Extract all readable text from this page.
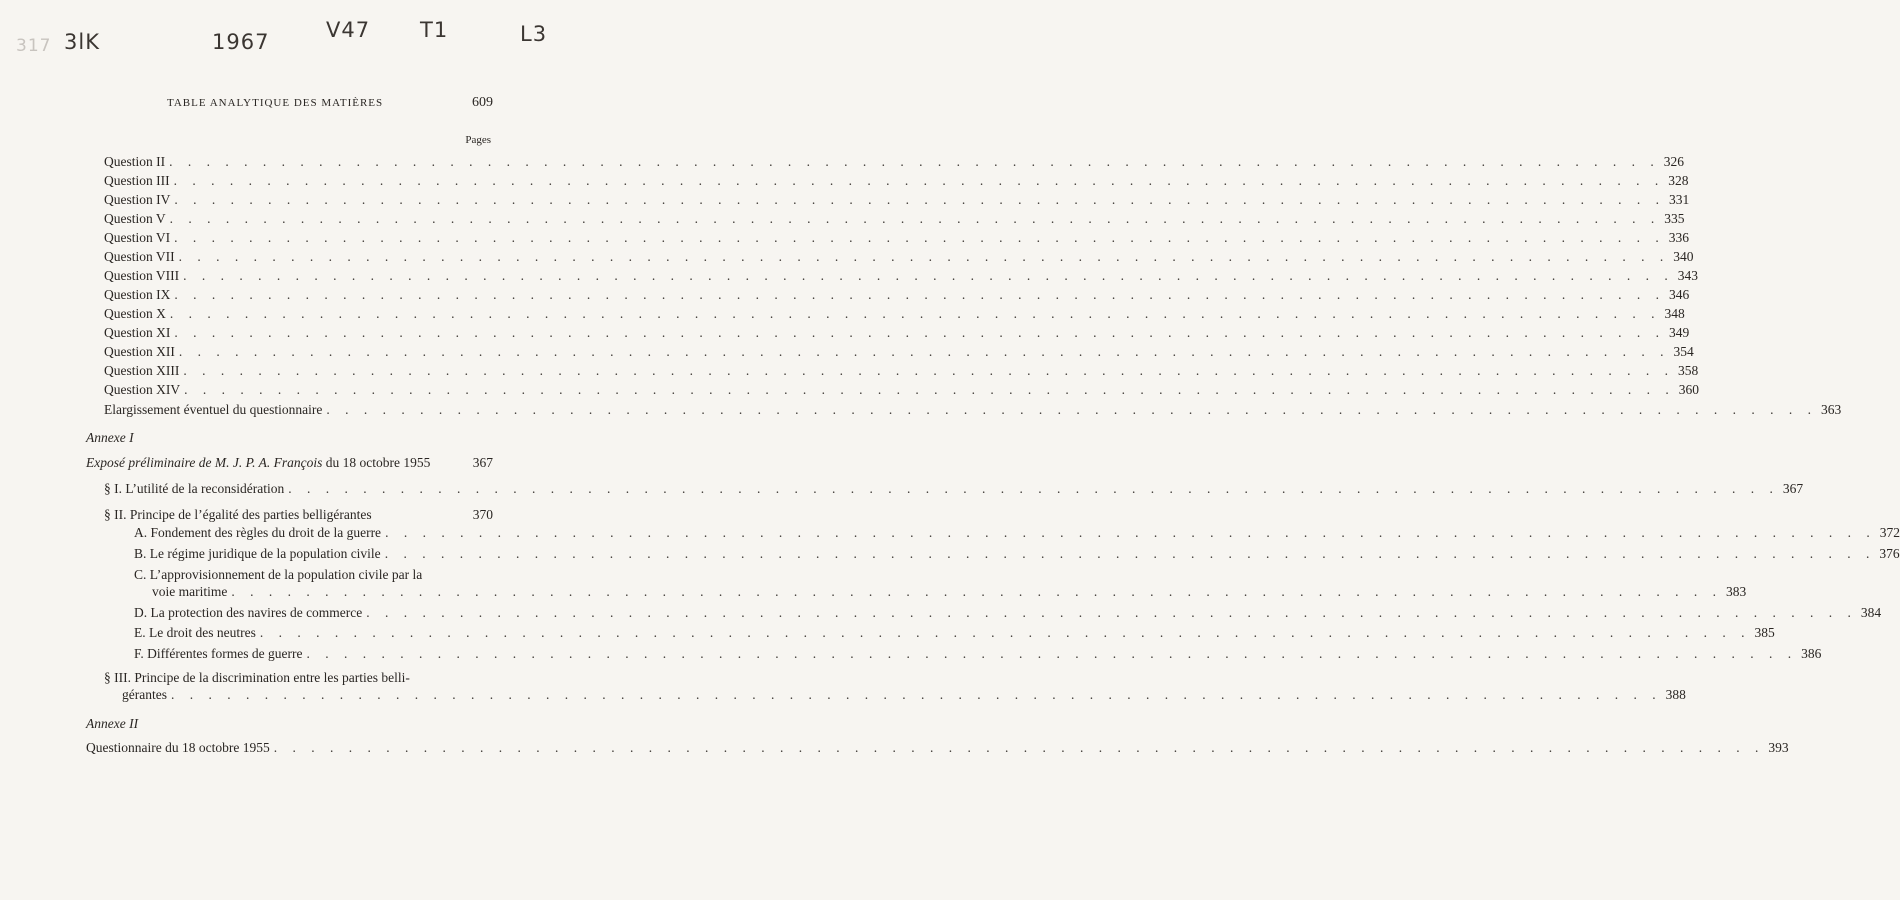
317 3lK	1967	V47 T1	L3
TABLE ANALYTIQUE DES MATIÈRES	609
Pages
Question II . . . . . . . . . . . . . . . . . . . . . . . . . . . . . . . . . . . . . . . . . . . . . . . . . . . . . . . . . . . . . . . . . . . . . . . . . . . . . . . . 326
Question III . . . . . . . . . . . . . . . . . . . . . . . . . . . . . . . . . . . . . . . . . . . . . . . . . . . . . . . . . . . . . . . . . . . . . . . . . . . . . . . . 328
Question IV . . . . . . . . . . . . . . . . . . . . . . . . . . . . . . . . . . . . . . . . . . . . . . . . . . . . . . . . . . . . . . . . . . . . . . . . . . . . . . . . 331
Question V . . . . . . . . . . . . . . . . . . . . . . . . . . . . . . . . . . . . . . . . . . . . . . . . . . . . . . . . . . . . . . . . . . . . . . . . . . . . . . . . 335
Question VI . . . . . . . . . . . . . . . . . . . . . . . . . . . . . . . . . . . . . . . . . . . . . . . . . . . . . . . . . . . . . . . . . . . . . . . . . . . . . . . . 336
Question VII . . . . . . . . . . . . . . . . . . . . . . . . . . . . . . . . . . . . . . . . . . . . . . . . . . . . . . . . . . . . . . . . . . . . . . . . . . . . . . . . 340
Question VIII . . . . . . . . . . . . . . . . . . . . . . . . . . . . . . . . . . . . . . . . . . . . . . . . . . . . . . . . . . . . . . . . . . . . . . . . . . . . . . . . 343
Question IX . . . . . . . . . . . . . . . . . . . . . . . . . . . . . . . . . . . . . . . . . . . . . . . . . . . . . . . . . . . . . . . . . . . . . . . . . . . . . . . . 346
Question X . . . . . . . . . . . . . . . . . . . . . . . . . . . . . . . . . . . . . . . . . . . . . . . . . . . . . . . . . . . . . . . . . . . . . . . . . . . . . . . . 348
Question XI . . . . . . . . . . . . . . . . . . . . . . . . . . . . . . . . . . . . . . . . . . . . . . . . . . . . . . . . . . . . . . . . . . . . . . . . . . . . . . . . 349
Question XII . . . . . . . . . . . . . . . . . . . . . . . . . . . . . . . . . . . . . . . . . . . . . . . . . . . . . . . . . . . . . . . . . . . . . . . . . . . . . . . . 354
Question XIII . . . . . . . . . . . . . . . . . . . . . . . . . . . . . . . . . . . . . . . . . . . . . . . . . . . . . . . . . . . . . . . . . . . . . . . . . . . . . . . . 358
Question XIV . . . . . . . . . . . . . . . . . . . . . . . . . . . . . . . . . . . . . . . . . . . . . . . . . . . . . . . . . . . . . . . . . . . . . . . . . . . . . . . . 360
Elargissement éventuel du questionnaire . . . . . . . . . . . . . . . . . . . . . . . . . . . . . . . . . . . . . . . . . . . . . . . . . . . . . . . . . . . . . . . . . . . . . . . . . . . . . . . . 363
Annexe I
Exposé préliminaire de M. J. P. A. François du 18 octobre 1955	367
§ I. L’utilité de la reconsidération . . . . . . . . . . . . . . . . . . . . . . . . . . . . . . . . . . . . . . . . . . . . . . . . . . . . . . . . . . . . . . . . . . . . . . . . . . . . . . . . 367
§ II. Principe de l’égalité des parties belligérantes	370
A. Fondement des règles du droit de la guerre . . . . . . . . . . . . . . . . . . . . . . . . . . . . . . . . . . . . . . . . . . . . . . . . . . . . . . . . . . . . . . . . . . . . . . . . . . . . . . . . 372
B. Le régime juridique de la population civile . . . . . . . . . . . . . . . . . . . . . . . . . . . . . . . . . . . . . . . . . . . . . . . . . . . . . . . . . . . . . . . . . . . . . . . . . . . . . . . . 376
C. L’approvisionnement de la population civile par la
voie maritime . . . . . . . . . . . . . . . . . . . . . . . . . . . . . . . . . . . . . . . . . . . . . . . . . . . . . . . . . . . . . . . . . . . . . . . . . . . . . . . . 383
D. La protection des navires de commerce . . . . . . . . . . . . . . . . . . . . . . . . . . . . . . . . . . . . . . . . . . . . . . . . . . . . . . . . . . . . . . . . . . . . . . . . . . . . . . . . 384
E. Le droit des neutres . . . . . . . . . . . . . . . . . . . . . . . . . . . . . . . . . . . . . . . . . . . . . . . . . . . . . . . . . . . . . . . . . . . . . . . . . . . . . . . . 385
F. Différentes formes de guerre . . . . . . . . . . . . . . . . . . . . . . . . . . . . . . . . . . . . . . . . . . . . . . . . . . . . . . . . . . . . . . . . . . . . . . . . . . . . . . . . 386
§ III. Principe de la discrimination entre les parties belli-
gérantes . . . . . . . . . . . . . . . . . . . . . . . . . . . . . . . . . . . . . . . . . . . . . . . . . . . . . . . . . . . . . . . . . . . . . . . . . . . . . . . . 388
Annexe II
Questionnaire du 18 octobre 1955 . . . . . . . . . . . . . . . . . . . . . . . . . . . . . . . . . . . . . . . . . . . . . . . . . . . . . . . . . . . . . . . . . . . . . . . . . . . . . . . . 393
